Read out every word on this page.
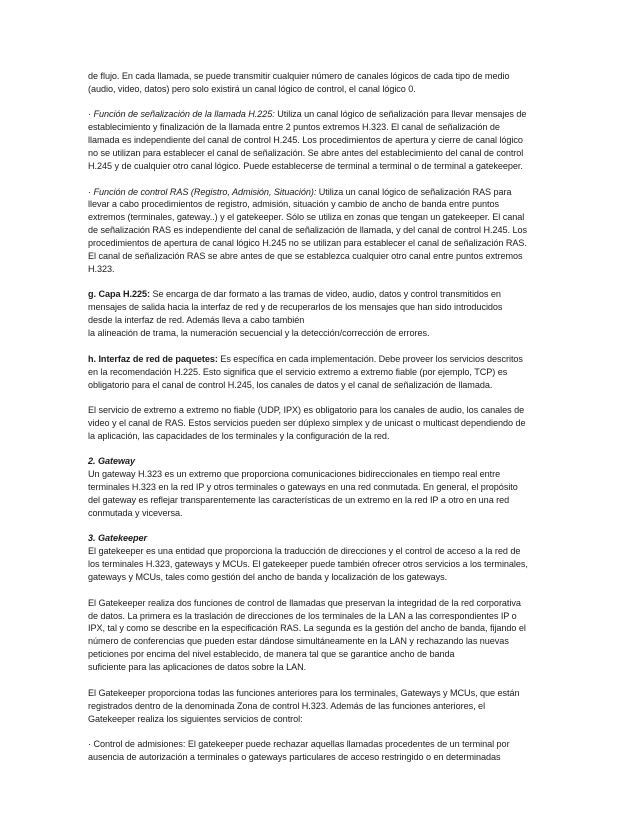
de flujo. En cada llamada, se puede transmitir cualquier número de canales lógicos de cada tipo de medio
(audio, video, datos) pero solo existirá un canal lógico de control, el canal lógico 0.
· Función de señalización de la llamada H.225: Utiliza un canal lógico de señalización para llevar mensajes de
establecimiento y finalización de la llamada entre 2 puntos extremos H.323. El canal de señalización de
llamada es independiente del canal de control H.245. Los procedimientos de apertura y cierre de canal lógico
no se utilizan para establecer el canal de señalización. Se abre antes del establecimiento del canal de control
H.245 y de cualquier otro canal lógico. Puede establecerse de terminal a terminal o de terminal a gatekeeper.
· Función de control RAS (Registro, Admisión, Situación): Utiliza un canal lógico de señalización RAS para
llevar a cabo procedimientos de registro, admisión, situación y cambio de ancho de banda entre puntos
extremos (terminales, gateway..) y el gatekeeper. Sólo se utiliza en zonas que tengan un gatekeeper. El canal
de señalización RAS es independiente del canal de señalización de llamada, y del canal de control H.245. Los
procedimientos de apertura de canal lógico H.245 no se utilizan para establecer el canal de señalización RAS.
El canal de señalización RAS se abre antes de que se establezca cualquier otro canal entre puntos extremos
H.323.
g. Capa H.225: Se encarga de dar formato a las tramas de video, audio, datos y control transmitidos en
mensajes de salida hacia la interfaz de red y de recuperarlos de los mensajes que han sido introducidos
desde la interfaz de red. Además lleva a cabo también
la alineación de trama, la numeración secuencial y la detección/corrección de errores.
h. Interfaz de red de paquetes: Es específica en cada implementación. Debe proveer los servicios descritos
en la recomendación H.225. Esto significa que el servicio extremo a extremo fiable (por ejemplo, TCP) es
obligatorio para el canal de control H.245, los canales de datos y el canal de señalización de llamada.
El servicio de extremo a extremo no fiable (UDP, IPX) es obligatorio para los canales de audio, los canales de
video y el canal de RAS. Estos servicios pueden ser dúplexo simplex y de unicast o multicast dependiendo de
la aplicación, las capacidades de los terminales y la configuración de la red.
2. Gateway
Un gateway H.323 es un extremo que proporciona comunicaciones bidireccionales en tiempo real entre
terminales H.323 en la red IP y otros terminales o gateways en una red conmutada. En general, el propósito
del gateway es reflejar transparentemente las características de un extremo en la red IP a otro en una red
conmutada y viceversa.
3. Gatekeeper
El gatekeeper es una entidad que proporciona la traducción de direcciones y el control de acceso a la red de
los terminales H.323, gateways y MCUs. El gatekeeper puede también ofrecer otros servicios a los terminales,
gateways y MCUs, tales como gestión del ancho de banda y localización de los gateways.
El Gatekeeper realiza dos funciones de control de llamadas que preservan la integridad de la red corporativa
de datos. La primera es la traslación de direcciones de los terminales de la LAN a las correspondientes IP o
IPX, tal y como se describe en la especificación RAS. La segunda es la gestión del ancho de banda, fijando el
número de conferencias que pueden estar dándose simultáneamente en la LAN y rechazando las nuevas
peticiones por encima del nivel establecido, de manera tal que se garantice ancho de banda
suficiente para las aplicaciones de datos sobre la LAN.
El Gatekeeper proporciona todas las funciones anteriores para los terminales, Gateways y MCUs, que están
registrados dentro de la denominada Zona de control H.323. Además de las funciones anteriores, el
Gatekeeper realiza los siguientes servicios de control:
· Control de admisiones: El gatekeeper puede rechazar aquellas llamadas procedentes de un terminal por
ausencia de autorización a terminales o gateways particulares de acceso restringido o en determinadas
